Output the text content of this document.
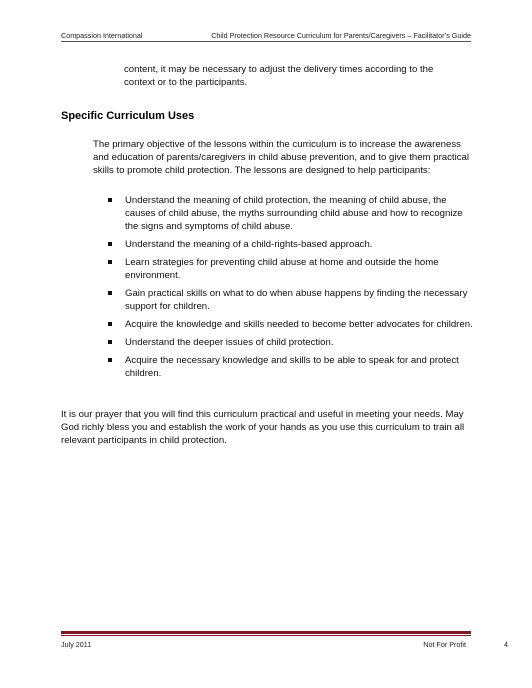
Compassion International	Child Protection Resource Curriculum for Parents/Caregivers – Facilitator’s Guide
content, it may be necessary to adjust the delivery times according to the context or to the participants.
Specific Curriculum Uses
The primary objective of the lessons within the curriculum is to increase the awareness and education of parents/caregivers in child abuse prevention, and to give them practical skills to promote child protection. The lessons are designed to help participants:
Understand the meaning of child protection, the meaning of child abuse, the causes of child abuse, the myths surrounding child abuse and how to recognize the signs and symptoms of child abuse.
Understand the meaning of a child-rights-based approach.
Learn strategies for preventing child abuse at home and outside the home environment.
Gain practical skills on what to do when abuse happens by finding the necessary support for children.
Acquire the knowledge and skills needed to become better advocates for children.
Understand the deeper issues of child protection.
Acquire the necessary knowledge and skills to be able to speak for and protect children.
It is our prayer that you will find this curriculum practical and useful in meeting your needs. May God richly bless you and establish the work of your hands as you use this curriculum to train all relevant participants in child protection.
July 2011	Not For Profit	4
